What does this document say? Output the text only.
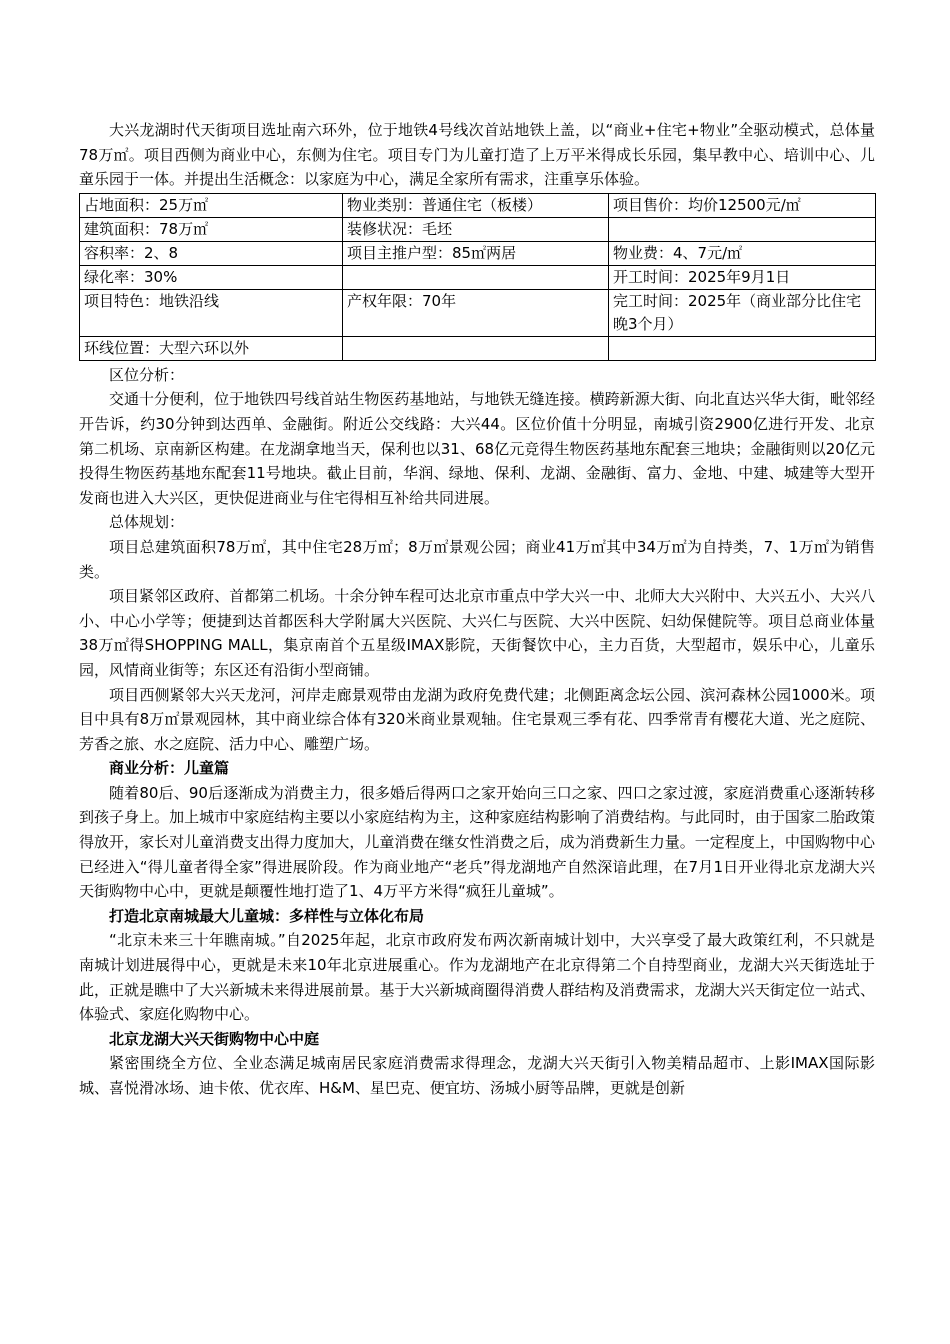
大兴龙湖时代天街项目选址南六环外，位于地铁4号线次首站地铁上盖，以“商业+住宅+物业”全驱动模式，总体量78万㎡。项目西侧为商业中心，东侧为住宅。项目专门为儿童打造了上万平米得成长乐园，集早教中心、培训中心、儿童乐园于一体。并提出生活概念：以家庭为中心，满足全家所有需求，注重享乐体验。

占地面积：25万㎡	物业类别：普通住宅（板楼）	项目售价：均价12500元/㎡
建筑面积：78万㎡	装修状况：毛坯	
容积率：2、8	项目主推户型：85㎡两居	物业费：4、7元/㎡
绿化率：30%		开工时间：2025年9月1日
项目特色：地铁沿线	产权年限：70年	完工时间：2025年（商业部分比住宅晚3个月）
环线位置：大型六环以外		

区位分析：

交通十分便利，位于地铁四号线首站生物医药基地站，与地铁无缝连接。横跨新源大街、向北直达兴华大街，毗邻经开告诉，约30分钟到达西单、金融街。附近公交线路：大兴44。区位价值十分明显，南城引资2900亿进行开发、北京第二机场、京南新区构建。在龙湖拿地当天，保利也以31、68亿元竞得生物医药基地东配套三地块；金融街则以20亿元投得生物医药基地东配套11号地块。截止目前，华润、绿地、保利、龙湖、金融街、富力、金地、中建、城建等大型开发商也进入大兴区，更快促进商业与住宅得相互补给共同进展。

总体规划：

项目总建筑面积78万㎡，其中住宅28万㎡；8万㎡景观公园；商业41万㎡其中34万㎡为自持类，7、1万㎡为销售类。

项目紧邻区政府、首都第二机场。十余分钟车程可达北京市重点中学大兴一中、北师大大兴附中、大兴五小、大兴八小、中心小学等；便捷到达首都医科大学附属大兴医院、大兴仁与医院、大兴中医院、妇幼保健院等。项目总商业体量38万㎡得SHOPPING MALL，集京南首个五星级IMAX影院，天街餐饮中心，主力百货，大型超市，娱乐中心，儿童乐园，风情商业街等；东区还有沿街小型商铺。

项目西侧紧邻大兴天龙河，河岸走廊景观带由龙湖为政府免费代建；北侧距离念坛公园、滨河森林公园1000米。项目中具有8万㎡景观园林，其中商业综合体有320米商业景观轴。住宅景观三季有花、四季常青有樱花大道、光之庭院、芳香之旅、水之庭院、活力中心、雕塑广场。

商业分析：儿童篇

随着80后、90后逐渐成为消费主力，很多婚后得两口之家开始向三口之家、四口之家过渡，家庭消费重心逐渐转移到孩子身上。加上城市中家庭结构主要以小家庭结构为主，这种家庭结构影响了消费结构。与此同时，由于国家二胎政策得放开，家长对儿童消费支出得力度加大，儿童消费在继女性消费之后，成为消费新生力量。一定程度上，中国购物中心已经进入“得儿童者得全家”得进展阶段。作为商业地产“老兵”得龙湖地产自然深谙此理，在7月1日开业得北京龙湖大兴天街购物中心中，更就是颠覆性地打造了1、4万平方米得“疯狂儿童城”。

打造北京南城最大儿童城：多样性与立体化布局

“北京未来三十年瞧南城。”自2025年起，北京市政府发布两次新南城计划中，大兴享受了最大政策红利，不只就是南城计划进展得中心，更就是未来10年北京进展重心。作为龙湖地产在北京得第二个自持型商业，龙湖大兴天街选址于此，正就是瞧中了大兴新城未来得进展前景。基于大兴新城商圈得消费人群结构及消费需求，龙湖大兴天街定位一站式、体验式、家庭化购物中心。

北京龙湖大兴天街购物中心中庭

紧密围绕全方位、全业态满足城南居民家庭消费需求得理念，龙湖大兴天街引入物美精品超市、上影IMAX国际影城、喜悦滑冰场、迪卡侬、优衣库、H&M、星巴克、便宜坊、汤城小厨等品牌，更就是创新
